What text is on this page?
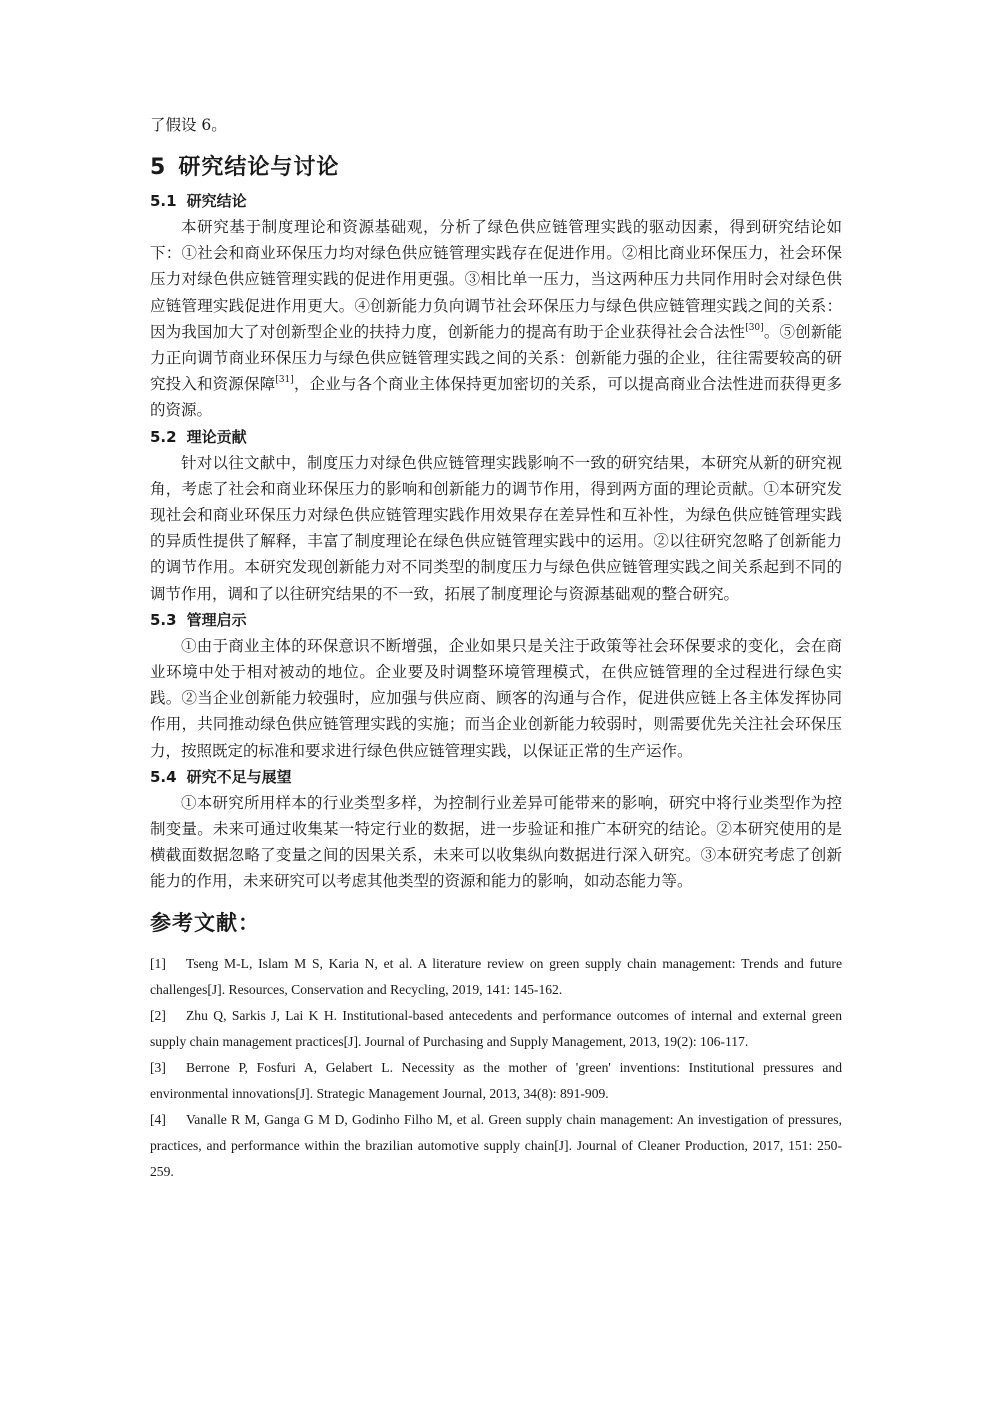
了假设 6。

5 研究结论与讨论
5.1 研究结论

本研究基于制度理论和资源基础观，分析了绿色供应链管理实践的驱动因素，得到研究结论如下：①社会和商业环保压力均对绿色供应链管理实践存在促进作用。②相比商业环保压力，社会环保压力对绿色供应链管理实践的促进作用更强。③相比单一压力，当这两种压力共同作用时会对绿色供应链管理实践促进作用更大。④创新能力负向调节社会环保压力与绿色供应链管理实践之间的关系：因为我国加大了对创新型企业的扶持力度，创新能力的提高有助于企业获得社会合法性[30]。⑤创新能力正向调节商业环保压力与绿色供应链管理实践之间的关系：创新能力强的企业，往往需要较高的研究投入和资源保障[31]，企业与各个商业主体保持更加密切的关系，可以提高商业合法性进而获得更多的资源。

5.2 理论贡献

针对以往文献中，制度压力对绿色供应链管理实践影响不一致的研究结果，本研究从新的研究视角，考虑了社会和商业环保压力的影响和创新能力的调节作用，得到两方面的理论贡献。①本研究发现社会和商业环保压力对绿色供应链管理实践作用效果存在差异性和互补性，为绿色供应链管理实践的异质性提供了解释，丰富了制度理论在绿色供应链管理实践中的运用。②以往研究忽略了创新能力的调节作用。本研究发现创新能力对不同类型的制度压力与绿色供应链管理实践之间关系起到不同的调节作用，调和了以往研究结果的不一致，拓展了制度理论与资源基础观的整合研究。

5.3 管理启示

①由于商业主体的环保意识不断增强，企业如果只是关注于政策等社会环保要求的变化，会在商业环境中处于相对被动的地位。企业要及时调整环境管理模式，在供应链管理的全过程进行绿色实践。②当企业创新能力较强时，应加强与供应商、顾客的沟通与合作，促进供应链上各主体发挥协同作用，共同推动绿色供应链管理实践的实施；而当企业创新能力较弱时，则需要优先关注社会环保压力，按照既定的标准和要求进行绿色供应链管理实践，以保证正常的生产运作。

5.4 研究不足与展望

①本研究所用样本的行业类型多样，为控制行业差异可能带来的影响，研究中将行业类型作为控制变量。未来可通过收集某一特定行业的数据，进一步验证和推广本研究的结论。②本研究使用的是横截面数据忽略了变量之间的因果关系，未来可以收集纵向数据进行深入研究。③本研究考虑了创新能力的作用，未来研究可以考虑其他类型的资源和能力的影响，如动态能力等。

参考文献：

[1] Tseng M-L, Islam M S, Karia N, et al. A literature review on green supply chain management: Trends and future challenges[J]. Resources, Conservation and Recycling, 2019, 141: 145-162.

[2] Zhu Q, Sarkis J, Lai K H. Institutional-based antecedents and performance outcomes of internal and external green supply chain management practices[J]. Journal of Purchasing and Supply Management, 2013, 19(2): 106-117.

[3] Berrone P, Fosfuri A, Gelabert L. Necessity as the mother of 'green' inventions: Institutional pressures and environmental innovations[J]. Strategic Management Journal, 2013, 34(8): 891-909.

[4] Vanalle R M, Ganga G M D, Godinho Filho M, et al. Green supply chain management: An investigation of pressures, practices, and performance within the brazilian automotive supply chain[J]. Journal of Cleaner Production, 2017, 151: 250-259.
